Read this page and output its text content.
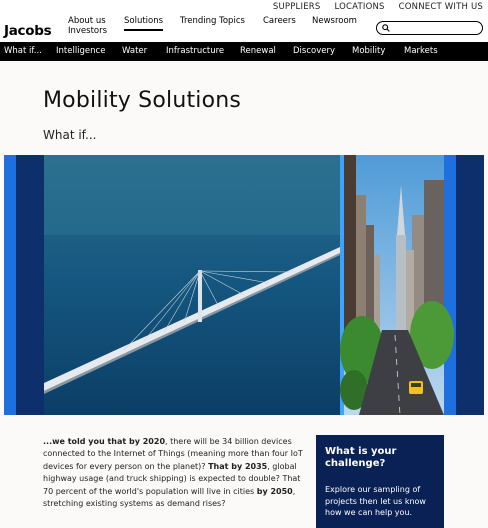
SUPPLIERS LOCATIONS CONNECT WITH US
Jacobs
About us
Investors
Solutions Trending Topics Careers Newsroom
What if... Intelligence Water Infrastructure Renewal Discovery Mobility Markets
Mobility Solutions
What if...
...we told you that by 2020, there will be 34 billion devices connected to the Internet of Things (meaning more than four IoT devices for every person on the planet)? That by 2035, global highway usage (and truck shipping) is expected to double? That 70 percent of the world's population will live in cities by 2050, stretching existing systems as demand rises?
What is your challenge?
Explore our sampling of projects then let us know how we can help you.
